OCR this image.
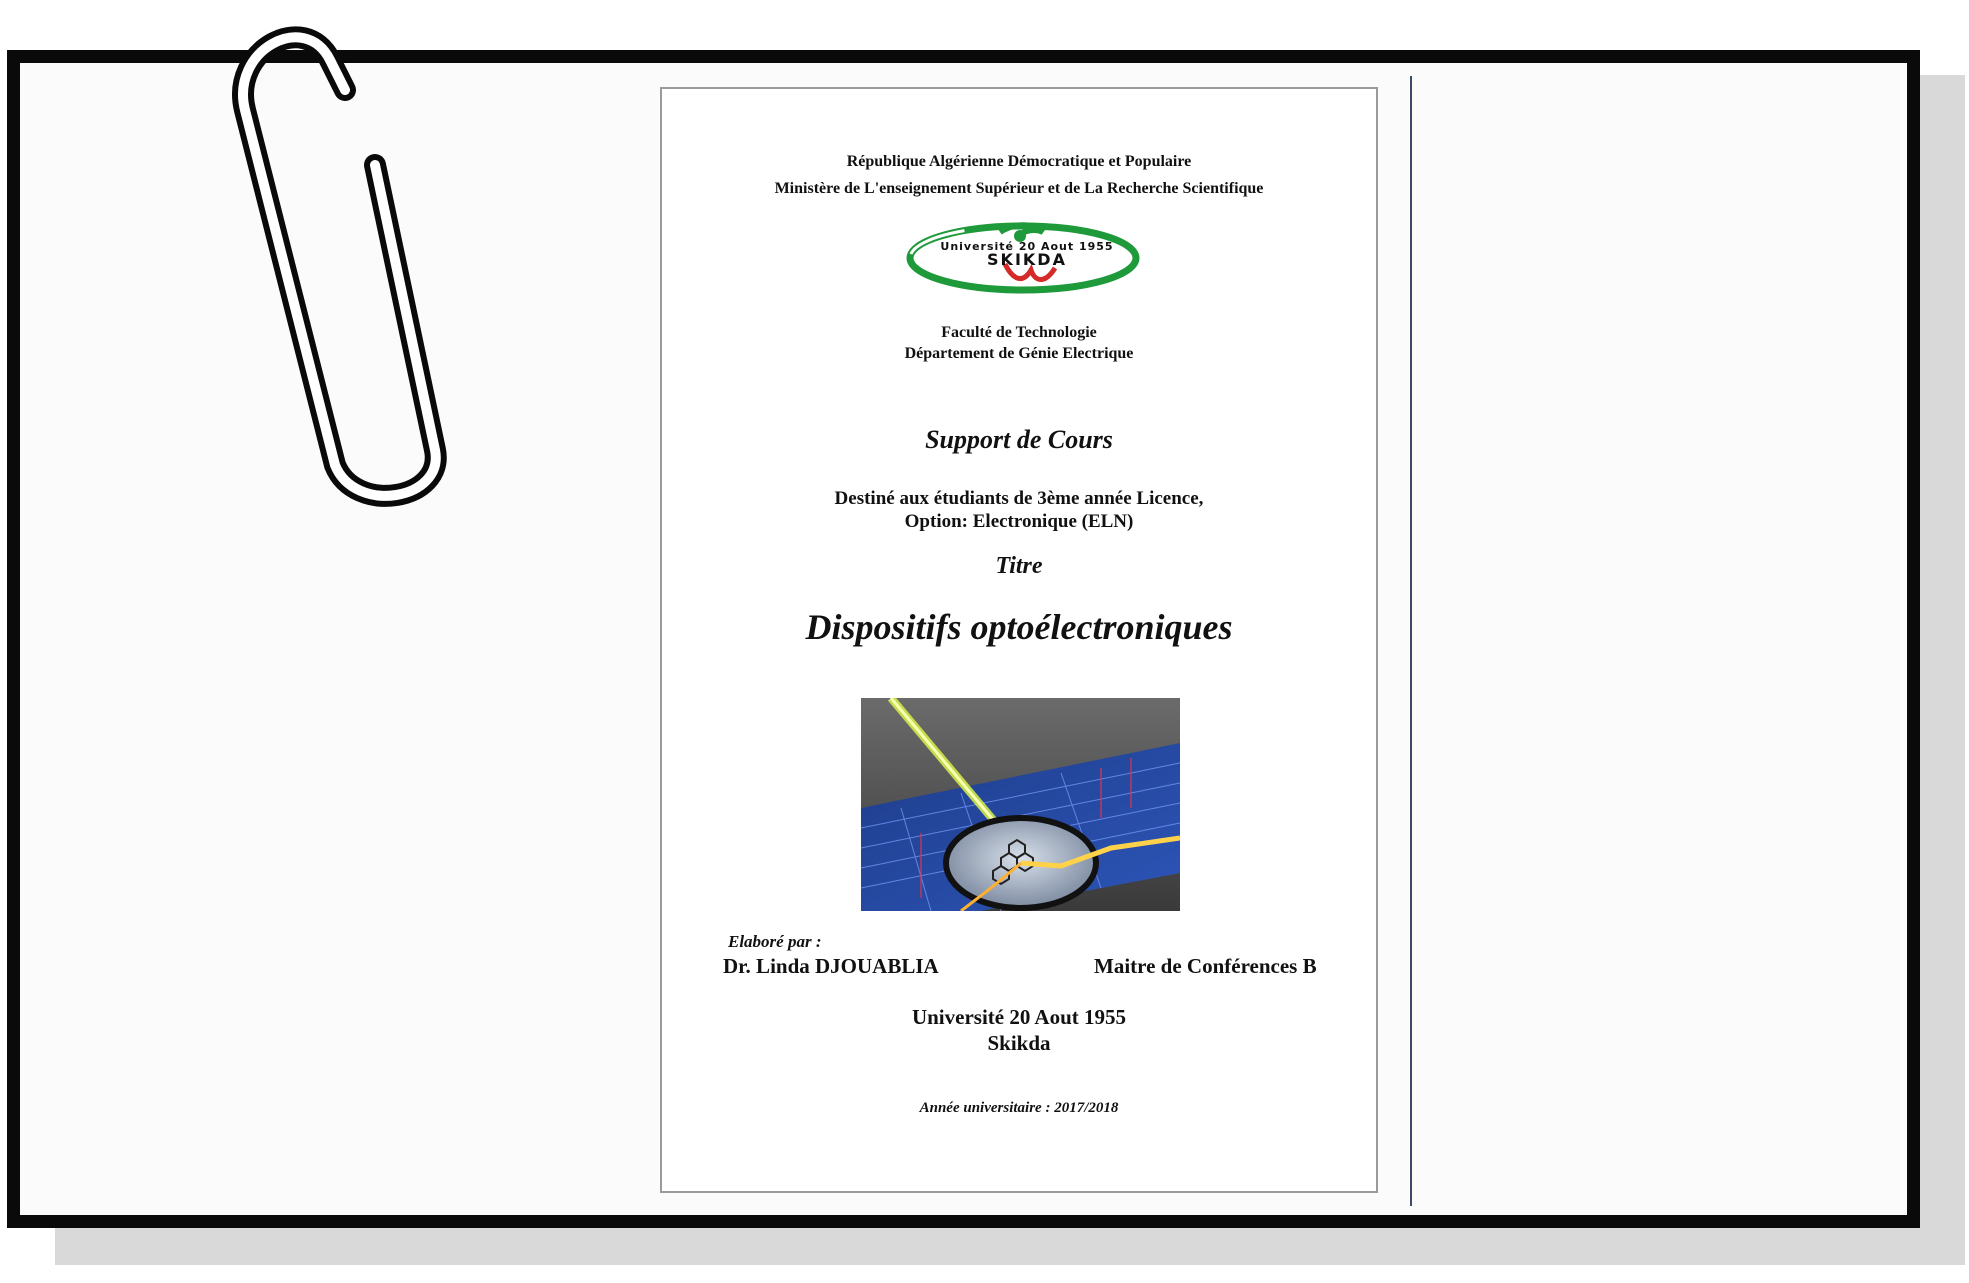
République Algérienne Démocratique et Populaire
Ministère de L'enseignement Supérieur et de La Recherche Scientifique
Université 20 Aout 1955
SKIKDA
Faculté de Technologie
Département de Génie Electrique
Support de Cours
Destiné aux étudiants de 3ème année Licence,
Option: Electronique (ELN)
Titre
Dispositifs optoélectroniques
Elaboré par :
Dr. Linda DJOUABLIA	Maitre de Conférences B
Université 20 Aout 1955
Skikda
Année universitaire : 2017/2018
